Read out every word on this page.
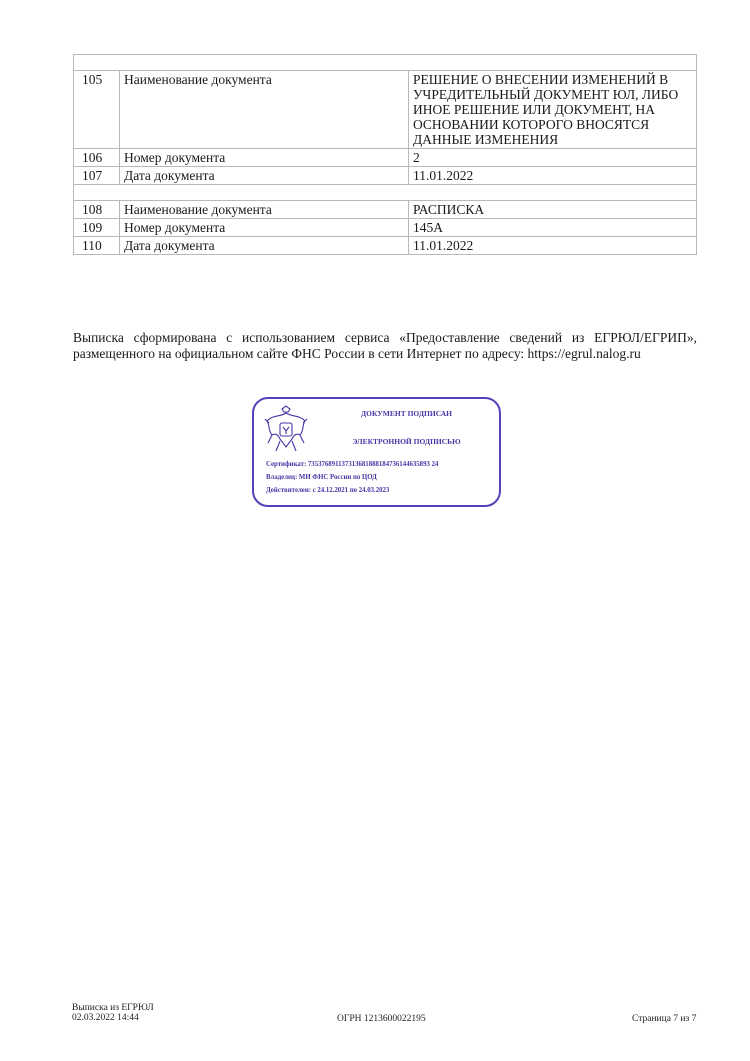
105	Наименование документа	РЕШЕНИЕ О ВНЕСЕНИИ ИЗМЕНЕНИЙ В УЧРЕДИТЕЛЬНЫЙ ДОКУМЕНТ ЮЛ, ЛИБО ИНОЕ РЕШЕНИЕ ИЛИ ДОКУМЕНТ, НА ОСНОВАНИИ КОТОРОГО ВНОСЯТСЯ ДАННЫЕ ИЗМЕНЕНИЯ
106	Номер документа	2
107	Дата документа	11.01.2022

108	Наименование документа	РАСПИСКА
109	Номер документа	145А
110	Дата документа	11.01.2022
Выписка сформирована с использованием сервиса «Предоставление сведений из ЕГРЮЛ/ЕГРИП», размещенного на официальном сайте ФНС России в сети Интернет по адресу: https://egrul.nalog.ru
ДОКУМЕНТ ПОДПИСАН
ЭЛЕКТРОННОЙ ПОДПИСЬЮ
Сертификат: 735376891137313681888184736144635893 24
Владелец: МИ ФНС России по ЦОД
Действителен: с 24.12.2021 по 24.03.2023
Выписка из ЕГРЮЛ
02.03.2022 14:44	ОГРН 1213600022195	Страница 7 из 7
